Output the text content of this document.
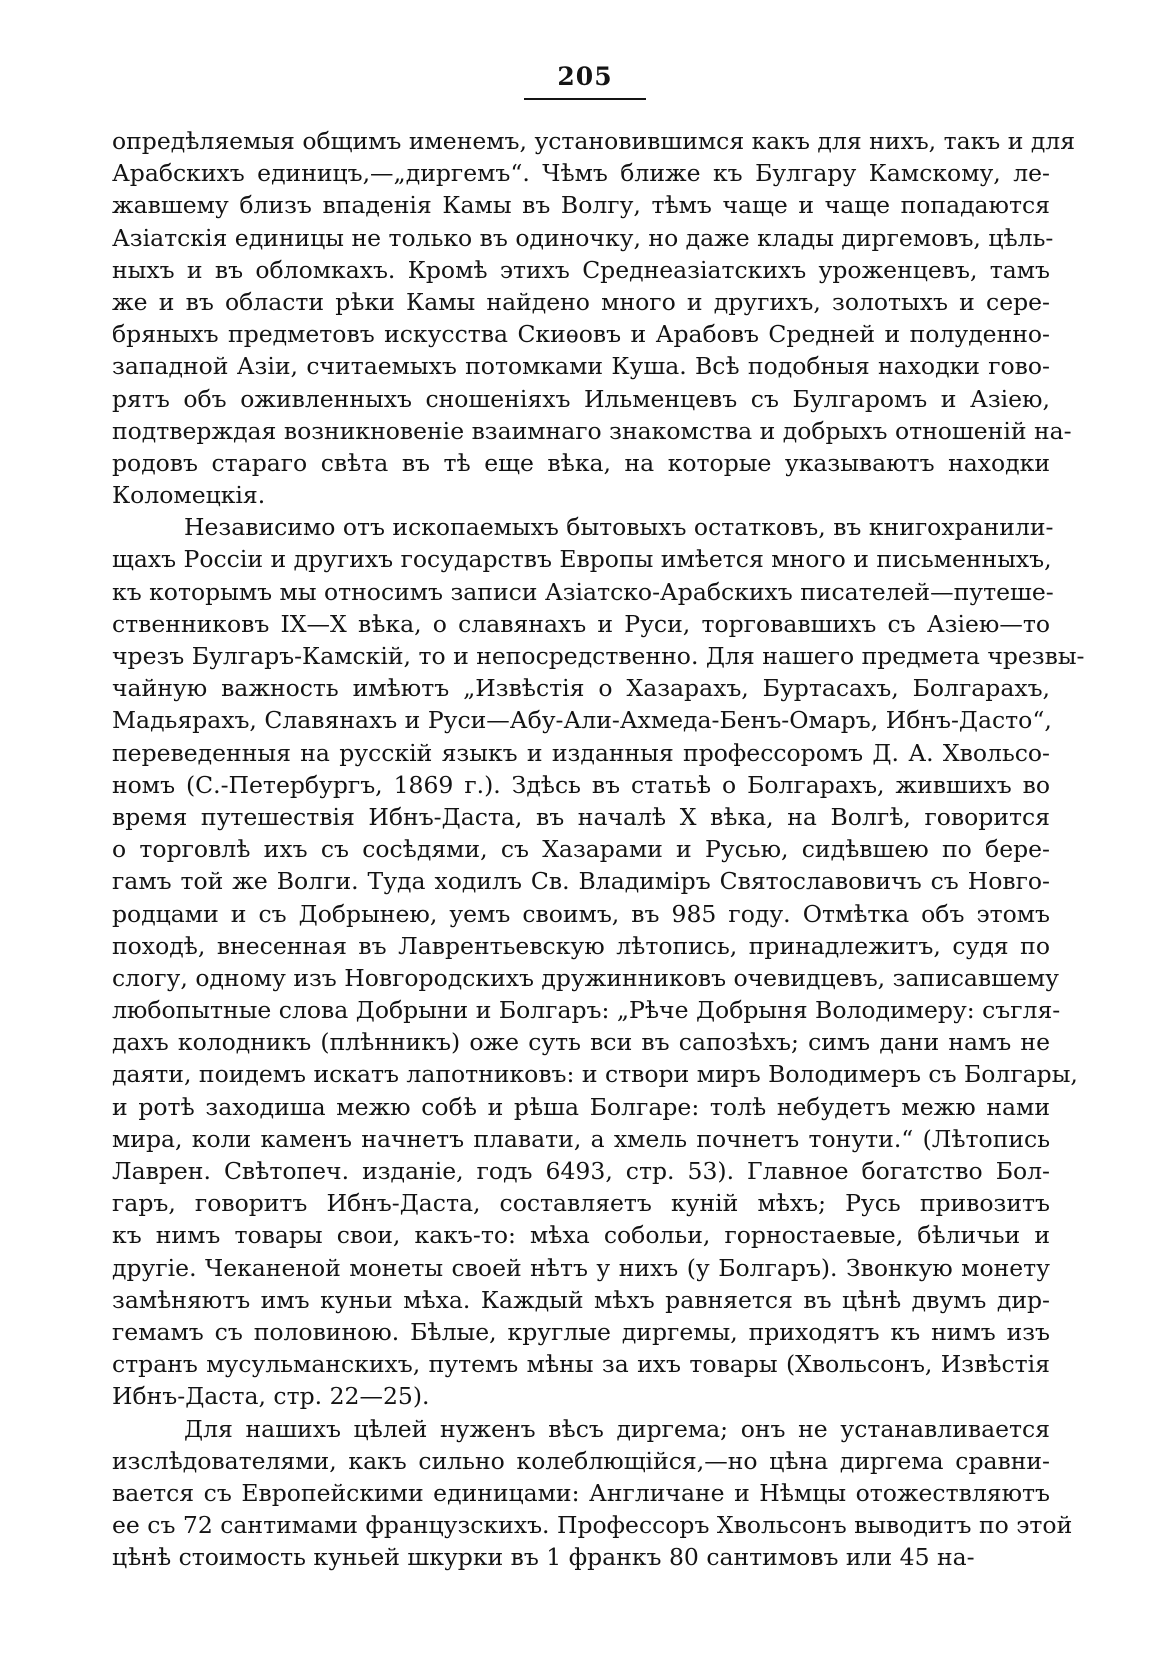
205
опредѣляемыя общимъ именемъ, установившимся какъ для нихъ, такъ и для
Арабскихъ единицъ,—„диргемъ“. Чѣмъ ближе къ Булгару Камскому, ле-
жавшему близъ впаденія Камы въ Волгу, тѣмъ чаще и чаще попадаются
Азіатскія единицы не только въ одиночку, но даже клады диргемовъ, цѣль-
ныхъ и въ обломкахъ. Кромѣ этихъ Среднеазіатскихъ уроженцевъ, тамъ
же и въ области рѣки Камы найдено много и другихъ, золотыхъ и сере-
бряныхъ предметовъ искусства Скиѳовъ и Арабовъ Средней и полуденно-
западной Азіи, считаемыхъ потомками Куша. Всѣ подобныя находки гово-
рятъ объ оживленныхъ сношеніяхъ Ильменцевъ съ Булгаромъ и Азіею,
подтверждая возникновеніе взаимнаго знакомства и добрыхъ отношеній на-
родовъ стараго свѣта въ тѣ еще вѣка, на которые указываютъ находки
Коломецкія.
Независимо отъ ископаемыхъ бытовыхъ остатковъ, въ книгохранили-
щахъ Россіи и другихъ государствъ Европы имѣется много и письменныхъ,
къ которымъ мы относимъ записи Азіатско-Арабскихъ писателей—путеше-
ственниковъ IX—X вѣка, о славянахъ и Руси, торговавшихъ съ Азіею—то
чрезъ Булгаръ-Камскій, то и непосредственно. Для нашего предмета чрезвы-
чайную важность имѣютъ „Извѣстія о Хазарахъ, Буртасахъ, Болгарахъ,
Мадьярахъ, Славянахъ и Руси—Абу-Али-Ахмеда-Бенъ-Омаръ, Ибнъ-Дасто“,
переведенныя на русскій языкъ и изданныя профессоромъ Д. А. Хвольсо-
номъ (С.-Петербургъ, 1869 г.). Здѣсь въ статьѣ о Болгарахъ, жившихъ во
время путешествія Ибнъ-Даста, въ началѣ X вѣка, на Волгѣ, говорится
о торговлѣ ихъ съ сосѣдями, съ Хазарами и Русью, сидѣвшею по бере-
гамъ той же Волги. Туда ходилъ Св. Владиміръ Святославовичъ съ Новго-
родцами и съ Добрынею, уемъ своимъ, въ 985 году. Отмѣтка объ этомъ
походѣ, внесенная въ Лаврентьевскую лѣтопись, принадлежитъ, судя по
слогу, одному изъ Новгородскихъ дружинниковъ очевидцевъ, записавшему
любопытные слова Добрыни и Болгаръ: „Рѣче Добрыня Володимеру: съгля-
дахъ колодникъ (плѣнникъ) оже суть вси въ сапозѣхъ; симъ дани намъ не
даяти, поидемъ искатъ лапотниковъ: и створи миръ Володимеръ съ Болгары,
и ротѣ заходиша межю собѣ и рѣша Болгаре: толѣ небудетъ межю нами
мира, коли каменъ начнетъ плавати, а хмель почнетъ тонути.“ (Лѣтопись
Лаврен. Свѣтопеч. изданіе, годъ 6493, стр. 53). Главное богатство Бол-
гаръ, говоритъ Ибнъ-Даста, составляетъ куній мѣхъ; Русь привозитъ
къ нимъ товары свои, какъ-то: мѣха собольи, горностаевые, бѣличьи и
другіе. Чеканеной монеты своей нѣтъ у нихъ (у Болгаръ). Звонкую монету
замѣняютъ имъ куньи мѣха. Каждый мѣхъ равняется въ цѣнѣ двумъ дир-
гемамъ съ половиною. Бѣлые, круглые диргемы, приходятъ къ нимъ изъ
странъ мусульманскихъ, путемъ мѣны за ихъ товары (Хвольсонъ, Извѣстія
Ибнъ-Даста, стр. 22—25).
Для нашихъ цѣлей нуженъ вѣсъ диргема; онъ не устанавливается
изслѣдователями, какъ сильно колеблющійся,—но цѣна диргема сравни-
вается съ Европейскими единицами: Англичане и Нѣмцы отожествляютъ
ее съ 72 сантимами французскихъ. Профессоръ Хвольсонъ выводитъ по этой
цѣнѣ стоимость куньей шкурки въ 1 франкъ 80 сантимовъ или 45 на-
